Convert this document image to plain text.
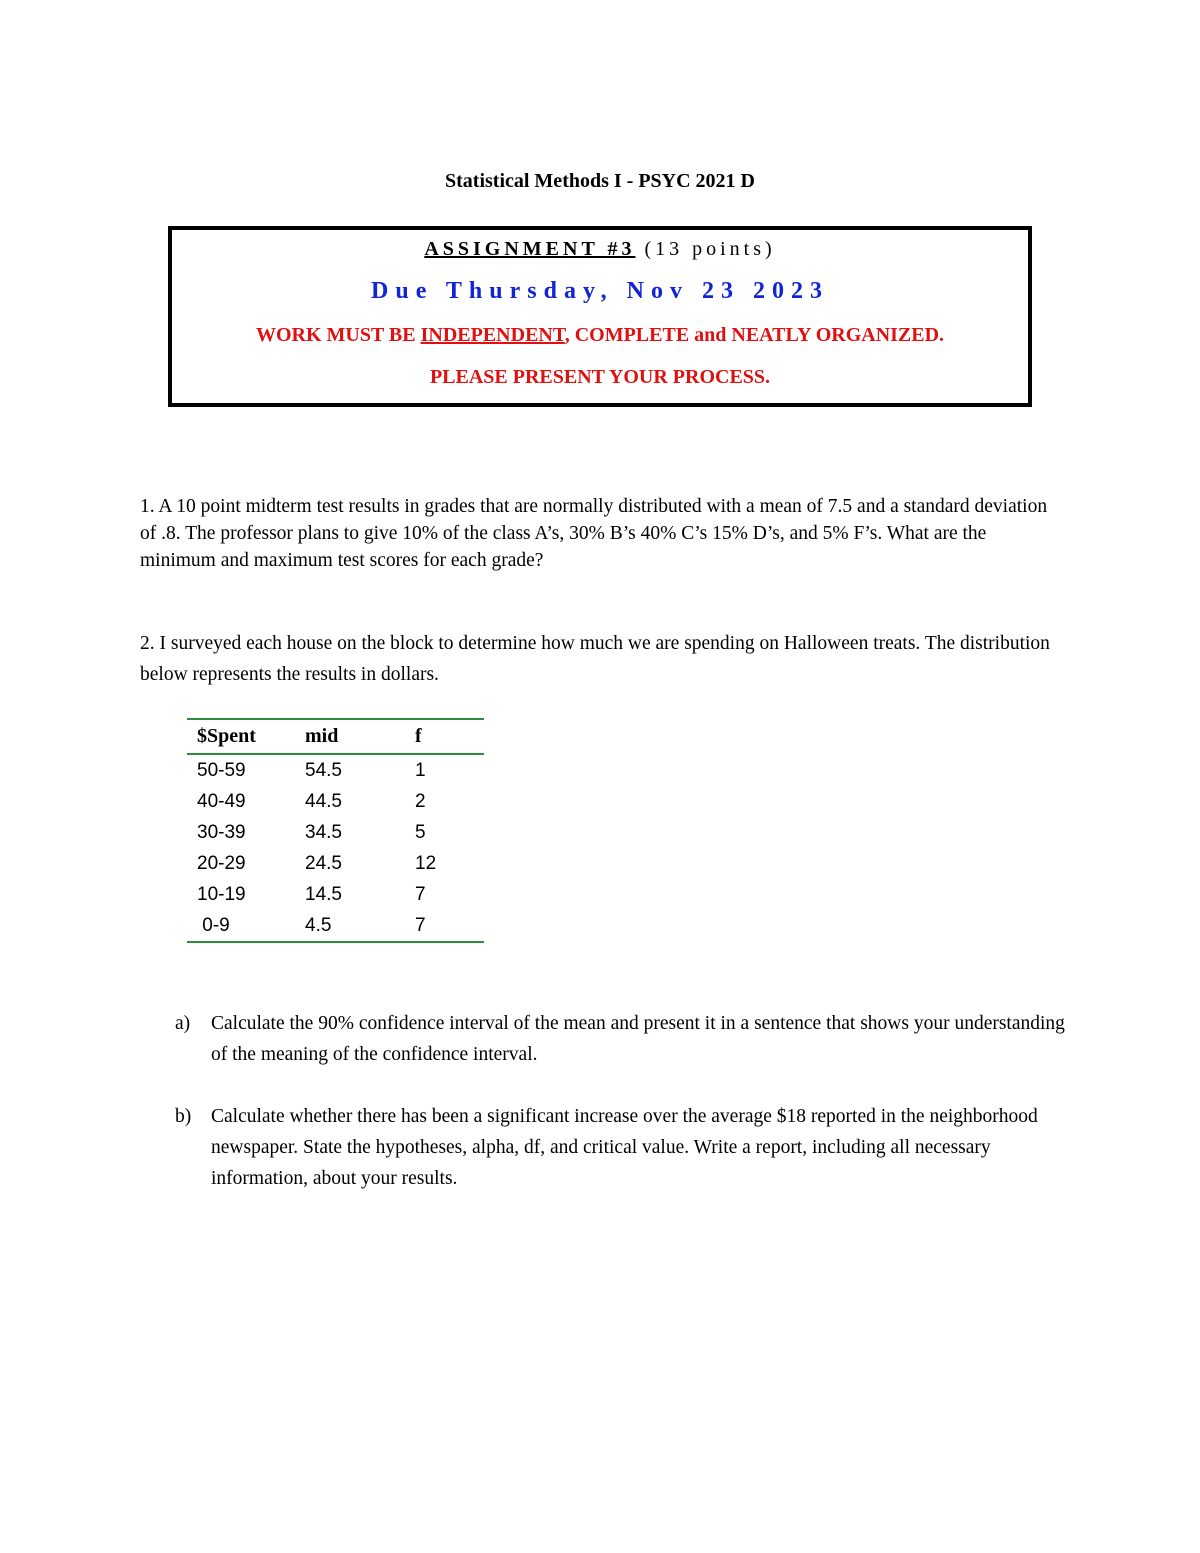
Statistical Methods I - PSYC 2021 D
ASSIGNMENT #3 (13 points)
Due Thursday, Nov 23 2023
WORK MUST BE INDEPENDENT, COMPLETE and NEATLY ORGANIZED.
PLEASE PRESENT YOUR PROCESS.
1. A 10 point midterm test results in grades that are normally distributed with a mean of 7.5 and a standard deviation of .8. The professor plans to give 10% of the class A’s, 30% B’s 40% C’s 15% D’s, and 5% F’s. What are the minimum and maximum test scores for each grade?
2. I surveyed each house on the block to determine how much we are spending on Halloween treats. The distribution below represents the results in dollars.
$Spent	mid	f
50-59	54.5	1
40-49	44.5	2
30-39	34.5	5
20-29	24.5	12
10-19	14.5	7
0-9	4.5	7
a) Calculate the 90% confidence interval of the mean and present it in a sentence that shows your understanding of the meaning of the confidence interval.
b) Calculate whether there has been a significant increase over the average $18 reported in the neighborhood newspaper. State the hypotheses, alpha, df, and critical value. Write a report, including all necessary information, about your results.
